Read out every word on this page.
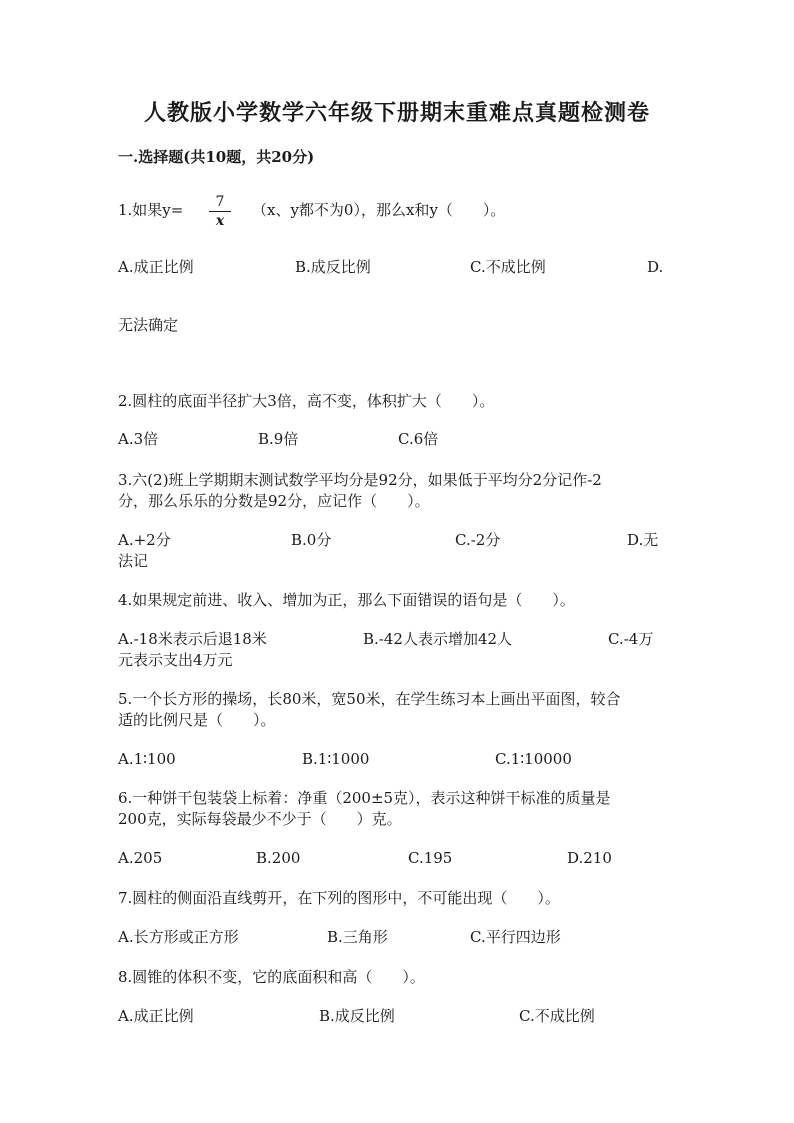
人教版小学数学六年级下册期末重难点真题检测卷
一.选择题(共10题，共20分)
1.如果y=	7
x
（x、y都不为0），那么x和y（　　）。
A.成正比例	B.成反比例	C.不成比例	D.
无法确定
2.圆柱的底面半径扩大3倍，高不变，体积扩大（　　）。
A.3倍	B.9倍	C.6倍
3.六(2)班上学期期末测试数学平均分是92分，如果低于平均分2分记作-2
分，那么乐乐的分数是92分，应记作（　　）。
A.+2分	B.0分	C.-2分	D.无
法记
4.如果规定前进、收入、增加为正，那么下面错误的语句是（　　）。
A.-18米表示后退18米	B.-42人表示增加42人	C.-4万
元表示支出4万元
5.一个长方形的操场，长80米，宽50米，在学生练习本上画出平面图，较合
适的比例尺是（　　）。
A.1∶100	B.1∶1000	C.1∶10000
6.一种饼干包装袋上标着：净重（200±5克），表示这种饼干标准的质量是
200克，实际每袋最少不少于（　　）克。
A.205	B.200	C.195	D.210
7.圆柱的侧面沿直线剪开，在下列的图形中，不可能出现（　　）。
A.长方形或正方形	B.三角形	C.平行四边形
8.圆锥的体积不变，它的底面积和高（　　）。
A.成正比例	B.成反比例	C.不成比例
